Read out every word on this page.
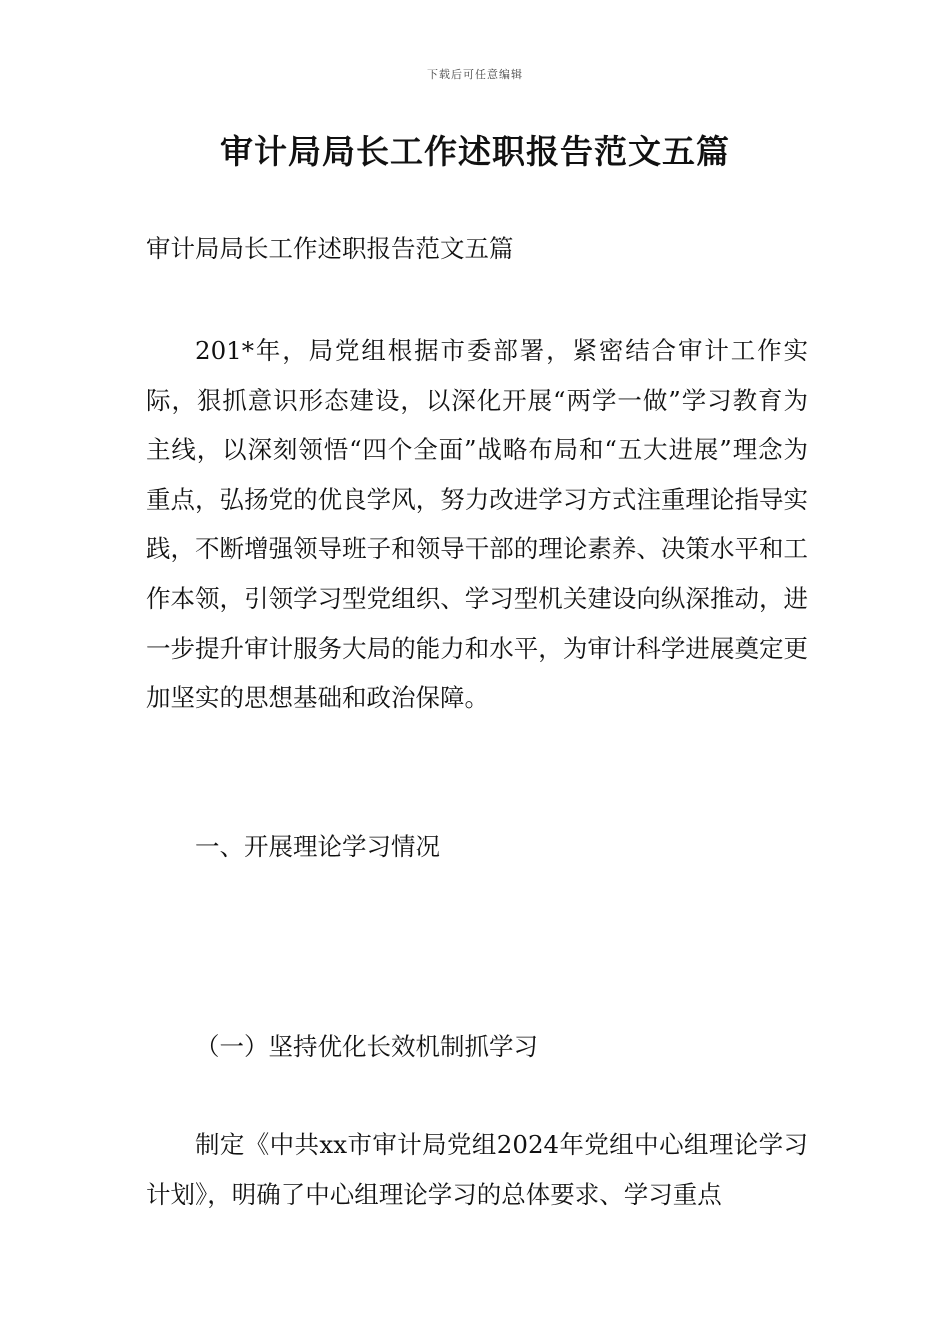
下载后可任意编辑
审计局局长工作述职报告范文五篇
审计局局长工作述职报告范文五篇
201*年，局党组根据市委部署，紧密结合审计工作实际，狠抓意识形态建设，以深化开展“两学一做”学习教育为主线，以深刻领悟“四个全面”战略布局和“五大进展”理念为重点，弘扬党的优良学风，努力改进学习方式注重理论指导实践，不断增强领导班子和领导干部的理论素养、决策水平和工作本领，引领学习型党组织、学习型机关建设向纵深推动，进一步提升审计服务大局的能力和水平，为审计科学进展奠定更加坚实的思想基础和政治保障。
一、开展理论学习情况
（一）坚持优化长效机制抓学习
制定《中共xx市审计局党组2024年党组中心组理论学习计划》，明确了中心组理论学习的总体要求、学习重点
